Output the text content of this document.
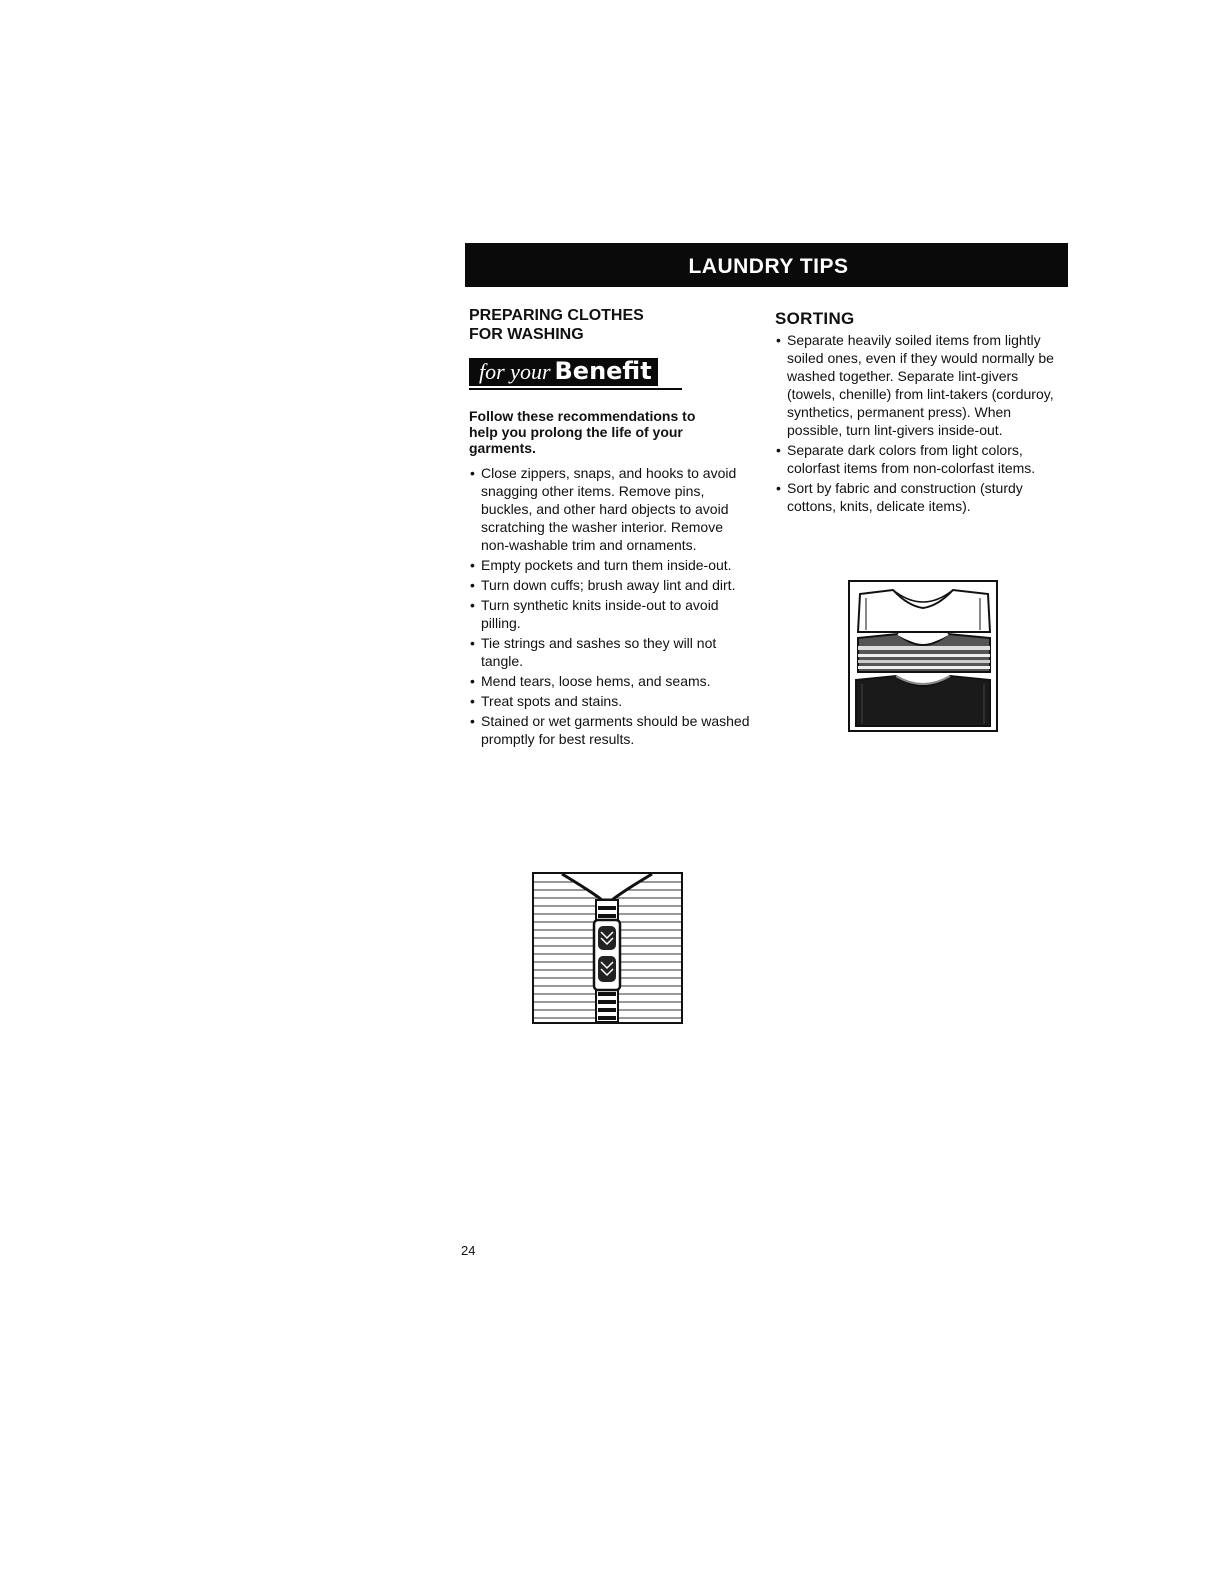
LAUNDRY TIPS
PREPARING CLOTHES
FOR WASHING
for your Benefit
Follow these recommendations to help you prolong the life of your garments.
• Close zippers, snaps, and hooks to avoid snagging other items. Remove pins, buckles, and other hard objects to avoid scratching the washer interior. Remove non-washable trim and ornaments.
• Empty pockets and turn them inside-out.
• Turn down cuffs; brush away lint and dirt.
• Turn synthetic knits inside-out to avoid pilling.
• Tie strings and sashes so they will not tangle.
• Mend tears, loose hems, and seams.
• Treat spots and stains.
• Stained or wet garments should be washed promptly for best results.
SORTING
• Separate heavily soiled items from lightly soiled ones, even if they would normally be washed together. Separate lint-givers (towels, chenille) from lint-takers (corduroy, synthetics, permanent press). When possible, turn lint-givers inside-out.
• Separate dark colors from light colors, colorfast items from non-colorfast items.
• Sort by fabric and construction (sturdy cottons, knits, delicate items).
24
